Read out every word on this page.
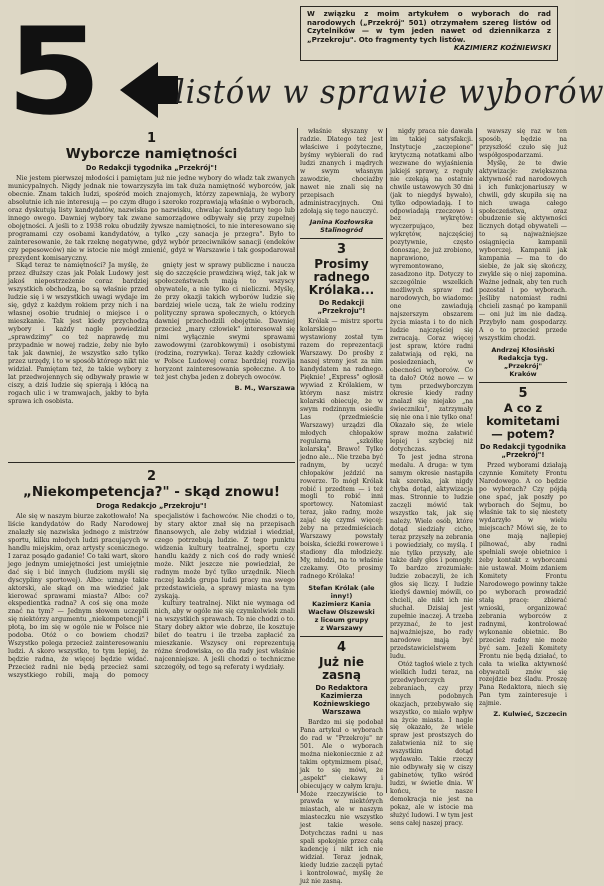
5 listów w sprawie wyborów
W związku z moim artykułem o wyborach do rad narodowych („Przekrój" 501) otrzymałem szereg listów od Czytelników — w tym jeden nawet od dziennikarza z „Przekroju". Oto fragmenty tych listów.
KAZIMIERZ KOŹNIEWSKI
1
Wyborcze namiętności
Do Redakcji tygodnika „Przekrój"!

Nie jestem pierwszej młodości i pamiętam już nie jedne wybory do władz tak zwanych municypalnych. Nigdy jednak nie towarzyszyła im tak duża namiętność wyborców, jak obecnie. Znam takich ludzi, spośród moich znajomych, którzy zapewniają, że wybory absolutnie ich nie interesują — po czym długo i szeroko rozprawiają właśnie o wyborach, oraz dyskutują listy kandydatów, nazwiska po nazwisku, chwaląc kandydatury tego lub innego owego. Dawniej wybory tak zwane samorządowe odbywały się przy zupełnej obojętności. A jeśli to z 1938 roku obudziły żywsze namiętności, to nie interesowano się programami czy osobami kandydatów, a tylko „czy sanacja je przegra". Było to zainteresowanie, że tak rzeknę negatywne, gdyż wybór przeciwników sanacji (endeków czy pepesowców) nie w istocie nie mógł zmienić, gdyż w Warszawie i tak gospodarował prezydent komisaryczny.

Skąd teraz te namiętności? Ja myślę, że przez dłuższy czas jak Polak Ludowy jest jakoś niepostrzeżenie coraz bardziej wszystkich obchodzą, bo są właśnie przed ludzie się i w wszystkich uwagi wydaje im się, gdyż z każdym rokiem przy nich i na własnej osobie trudniej o miejsce i o mieszkanie. Tak jest kiedy przychodzą wybory i każdy nagle powiedział „sprawdzimy" co też naprawdę mu przypadnie w nowej radzie, żeby nie było tak jak dawniej, że wszystko szło tylko przez urzędy, i to w sposób którego nikt nie widział. Pamiętam też, że takie wybory z lat przedwojennych się odbywały prawie w ciszy, a dziś ludzie się spierają i kłócą na rogach ulic i w tramwajach, jakby to była sprawa ich osobista.

gnięty jest w sprawy publiczne i naucza się do szczęście prawdziwą więź, tak jak w społeczeństwach mają to wszyscy obywatele, a nie tylko ci nieliczni. Myślę, że przy okazji takich wyborów ludzie się bardziej wiele uczą, tak że wielu rodziny polityczny sprawa społecznych, o których dawniej przechodzili obojętnie. Dawniej przecież „mary człowiek" interesował się nimi wyłącznie swymi sprawami zawodowymi (zarobkowymi) i osobistymi (rodzina, rozrywka). Teraz każdy człowiek w Polsce Ludowej coraz bardziej rozwija horyzont zainteresowania społeczne. A to też jest chyba jeden z dobrych owoców.

B. M., Warszawa
2
„Niekompetencja?" - skąd znowu!
Droga Redakcjo „Przekroju"!

Ale się w naszym biurze zakotłowało! Na liście kandydatów do Rady Narodowej znalazły się nazwiska jednego z mistrzów sportu, kilku młodych ludzi pracujących w handlu miejskim, oraz artysty scenicznego. I zaraz posądo gadanie! Co taki wart, skoro jego jednym umiejętności jest umiejętnie dać się i bić innych (ludziom myśli się dyscypliny sportowej). Albo: uznaje takie aktorski, ale skąd on ma wiedzieć jak kierować sprawami miasta? Albo: co? ekspedientka radna? A coś się ona może znać na tym? — Jednym słowem uczepili się niektórzy argumentu „niekompetencji" i płotą, bo im się w ogóle nie w Polsce nie podoba. Otóż o co bowiem chodzi? Wszystko polega przecież zainteresowaniu ludzi. A skoro wszystko, to tym lepiej, że będzie radna, że więcej będzie widać. Przecież radni nie będą przecież sami wszystkiego robili, mają do pomocy specjalistów i fachowców. Nie chodzi o to, by stary aktor znał się na przepisach finansowych, ale żeby widział i wiedział, czego potrzebują ludzie. Z tego punktu widzenia kultury teatralnej, sportu czy handlu każdy z nich coś do rady wnieść może. Nikt jeszcze nie powiedział, że radnym może być tylko urzędnik. Niech raczej każda grupa ludzi pracy ma swego przedstawiciela, a sprawy miasta na tym zyskają.

kultury teatralnej. Nikt nie wymaga od nich, aby w ogóle nie się czymkolwiek znali na wszystkich sprawach. To nie chodzi o to. Stary dobry aktor wie dobrze, ile kosztuje bilet do teatru i ile trzeba zapłacić za mieszkanie. Wszyscy oni reprezentują różne środowiska, co dla rady jest właśnie najcenniejsze. A jeśli chodzi o techniczne szczegóły, od tego są referaty i wydziały.

właśnie słyszany w radzie. Dlatego też jest właściwe i pożyteczne, byśmy wybierali do rad ludzi znanych i mądrych w swym własnym zawodzie, chociażby nawet nie znali się na przepisach administracyjnych. Oni zdołają się tego nauczyć.

Janina Kozłowska
Stalinogród
3
Prosimy radnego Królaka...
Do Redakcji „Przekroju"!

Królak — mistrz sportu kolarskiego — wystawiony został tym razem do reprezentacji Warszawy. Do prośby z naszej strony jest za nim kandydatem na radnego. Pięknie! „Express" ogłosił wywiad z Królakiem, w którym nasz mistrz kolarski obiecuje, że w swym rodzinnym osiedlu Las (przedmieście Warszawy) urządzi dla młodych chłopaków regularną „szkółkę kolarską". Brawo! Tylko jedno ale... Nie trzeba być radnym, by uczyć chłopaków jeździć na rowerze. To mógł Królak robić i przedtem — i też mogli to robić inni sportowcy. Natomiast teraz, jako radny, może zająć się czymś więcej: żeby na przedmieściach Warszawy powstały boiska, ścieżki rowerowe i stadiony dla młodzieży. My, młodzi, na to właśnie czekamy. Oto prosimy radnego Królaka!

Stefan Królak (ale inny!)
Kazimierz Kania
Wacław Olszewski
z liceum grupy
z Warszawy
4
Już nie zasną
Do Redaktora
Kazimierza Koźniewskiego
Warszawa

Bardzo mi się podobał Pana artykuł o wyborach do rad w "Przekroju" nr 501. Ale o wyborach można niekoniecznie z aż takim optymizmem pisać, jak to się mówi, że „aspekt" ciekawy i obiecujący w całym kraju. Może rzeczywiście to prawda w niektórych miastach, ale w naszym miasteczku nie wszystko jest takie wesołe. Dotychczas radni u nas spali spokojnie przez całą kadencję i nikt ich nie widział. Teraz jednak, kiedy ludzie zaczęli pytać i kontrolować, myślę że już nie zasną.

nigdy praca nie dawała im takiej satysfakcji. Instytucje „zaczepione" krytyczną notatkami albo wezwane do wyjaśnienia jakiejś sprawy, z reguły nie czekają na ostatnie chwile ustawowych 30 dni (jak to niegdyś bywało), tylko odpowiadają. I to odpowiadają rzeczowo i bez wykrętów: wyczerpująco, bez wykrętów, najczęściej pozytywnie, często donosząc, że już zrobiono, naprawiono, wyremontowano, zasadzono itp. Dotyczy to szczególnie wszelkich możliwych spraw rad narodowych, bo wiadomo: one zawiadują najszerszym obszarem życia miasta i to do nich ludzie najczęściej się zwracają. Coraz więcej jest spraw, które radni załatwiają od ręki, na posiedzeniach, w obecności wyborców. Co ta dało? Otóż nowe — w tym przedwyborczym okresie kiedy radny znalazł się niejako „na świeczniku", zatrzymały się nie ona i nie tylko ona! Okazało się, że wiele spraw można załatwić lepiej i szybciej niż dotychczas.

To jest jedna strona medalu. A druga: w tym samym okresie nastąpiła tak szeroka, jak nigdy chyba dotąd, aktywizacja mas. Stronnie to ludzie zaczęli mówić tak wszystko tak, jak się należy. Wiele osób, które dotąd siedziały cicho, teraz przyszły na zebrania i powiedziały, co myślą. I nie tylko przyszły, ale także dały głos i pomogły. To bardzo zrozumiałe: ludzie zobaczyli, że ich głos się liczy. I ludzie kiedyś dawniej mówili, co chcieli, ale nikt ich nie słuchał. Dzisiaj jest zupełnie inaczej. A trzeba przyznać, że to jest najważniejsze, bo rady narodowe mają być przedstawicielstwem ludu.

Otóż tagłoś wiele z tych wielkich ludzi teraz, na przedwyborczych zebraniach, czy przy innych podobnych okazjach, przebywało się wszystko, co miało wpływ na życie miasta. I nagle się okazało, że wiele spraw jest prostszych do załatwienia niż to się wszystkim dotąd wydawało. Takie rzeczy nie odbywały się w ciszy gabinetów, tylko wśród ludzi, w świetle dnia. W końcu, te nasze demokracja nie jest na pokaz, ale w istocie ma służyć ludowi. I w tym jest sens całej naszej pracy.

wawszy się raz w ten sposób, będzie na przyszłość czuło się już współgospodarzami.

Myślę, że te dwie aktywizacje: zwiększona aktywność rad narodowych i ich funkcjonariuszy w chwili, gdy skupiła się na nich uwaga całego społeczeństwa, oraz obudzenie się aktywności licznych dotąd obywateli — to są najważniejsze osiągnięcia kampanii wyborczej. Kampanii jak kampania — ma to do siebie, że jak się skończy, zwykle się o niej zapomina. Ważne jednak, aby ten ruch pozostał i po wyborach. Jeśliby natomiast radni chcieli zasnąć po kampanii — oni już im nie dadzą. Przybyło nam gospodarzy. A o to przecież przede wszystkim chodzi.

Andrzej Kłosiński
Redakcja tyg. „Przekrój"
Kraków
5
A co z komitetami — potem?
Do Redakcji tygodnika „Przekrój"!

Przed wyborami działają czynnie Komitety Frontu Narodowego. A co będzie po wyborach? Czy pójdą one spać, jak poszły po wyborach do Sejmu, bo właśnie tak to się niestety wydarzyło w wielu miejscach? Mówi się, że to one mają najlepiej pilnować, aby radni spełniali swoje obietnice i żeby kontakt z wyborcami nie ustawał. Moim zdaniem Komitety Frontu Narodowego powinny także po wyborach prowadzić stałą pracę: zbierać wnioski, organizować zebrania wyborców z radnymi, kontrolować wykonanie obietnic. Bo przecież radny nie może być sam. Jeżeli Komitety Frontu nie będą działać, to cała ta wielka aktywność obywateli znów się rozejdzie bez śladu. Proszę Pana Redaktora, niech się Pan tym zainteresuje i zajmie.

Z. Kulwieć, Szczecin
